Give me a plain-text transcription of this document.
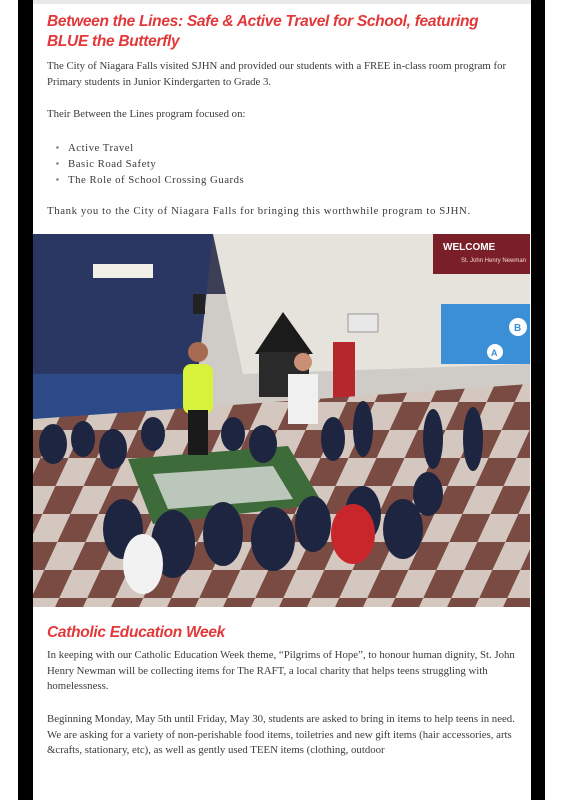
Between the Lines: Safe & Active Travel for School, featuring BLUE the Butterfly

The City of Niagara Falls visited SJHN and provided our students with a FREE in-class room program for Primary students in Junior Kindergarten to Grade 3.

Their Between the Lines program focused on:

▪ Active Travel
▪ Basic Road Safety
▪ The Role of School Crossing Guards

Thank you to the City of Niagara Falls for bringing this worthwhile program to SJHN.

WELCOME
St. John Henry Newman
B
A
Catholic Education Week

In keeping with our Catholic Education Week theme, “Pilgrims of Hope”, to honour human dignity, St. John Henry Newman will be collecting items for The RAFT, a local charity that helps teens struggling with homelessness.

Beginning Monday, May 5th until Friday, May 30, students are asked to bring in items to help teens in need. We are asking for a variety of non-perishable food items, toiletries and new gift items (hair accessories, arts &crafts, stationary, etc), as well as gently used TEEN items (clothing, outdoor
